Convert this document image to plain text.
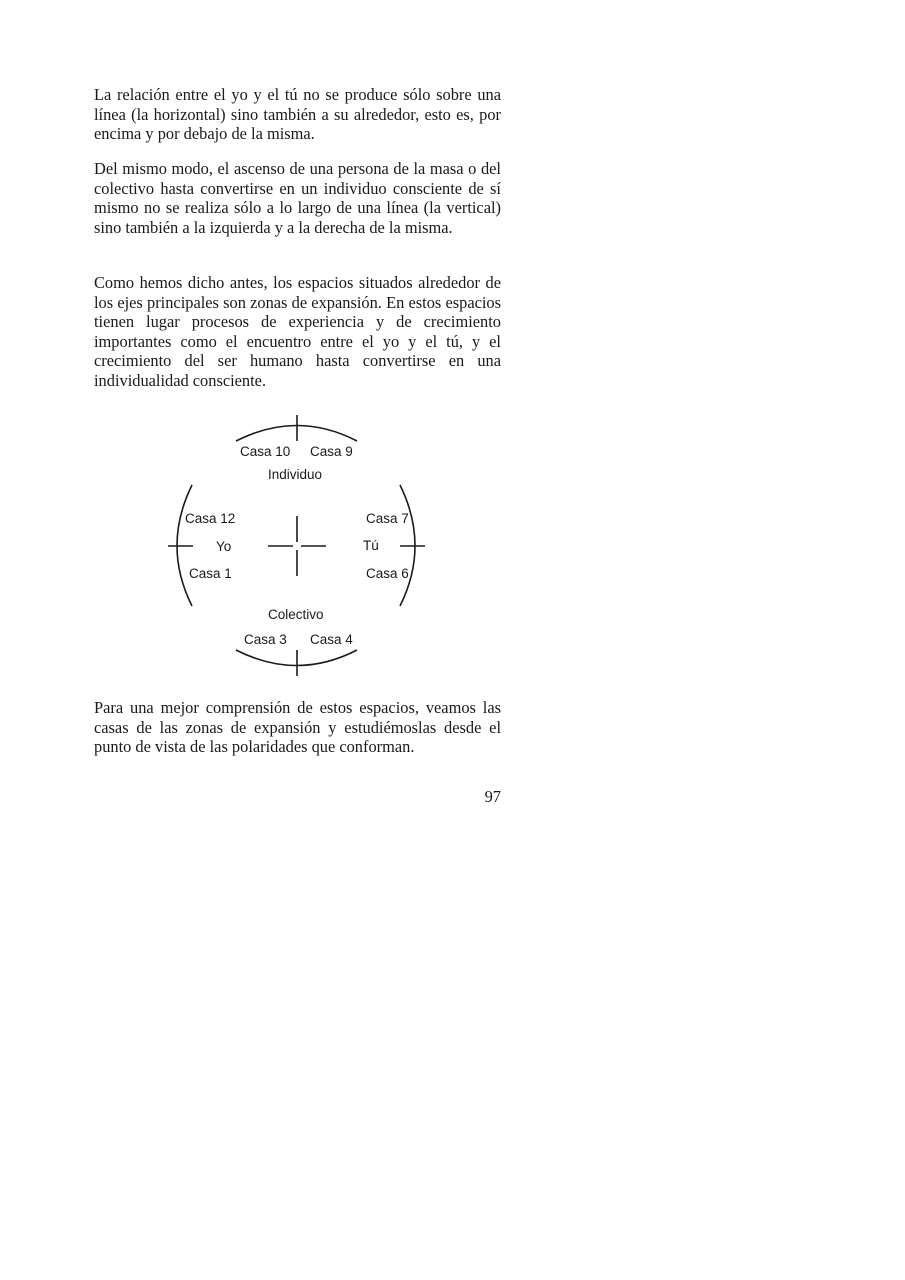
La relación entre el yo y el tú no se produce sólo sobre una línea (la horizontal) sino también a su alrededor, esto es, por encima y por debajo de la misma.

Del mismo modo, el ascenso de una persona de la masa o del colectivo hasta convertirse en un individuo consciente de sí mismo no se realiza sólo a lo largo de una línea (la vertical) sino también a la izquierda y a la derecha de la misma.

Como hemos dicho antes, los espacios situados alrededor de los ejes principales son zonas de expansión. En estos espacios tienen lugar procesos de experiencia y de crecimiento importantes como el encuentro entre el yo y el tú, y el crecimiento del ser humano hasta convertirse en una individualidad consciente.

Casa 10 Casa 9
Individuo
Casa 12
Yo
Casa 1
Casa 7
Tú
Casa 6
Colectivo
Casa 3 Casa 4

Para una mejor comprensión de estos espacios, veamos las casas de las zonas de expansión y estudiémoslas desde el punto de vista de las polaridades que conforman.

97
